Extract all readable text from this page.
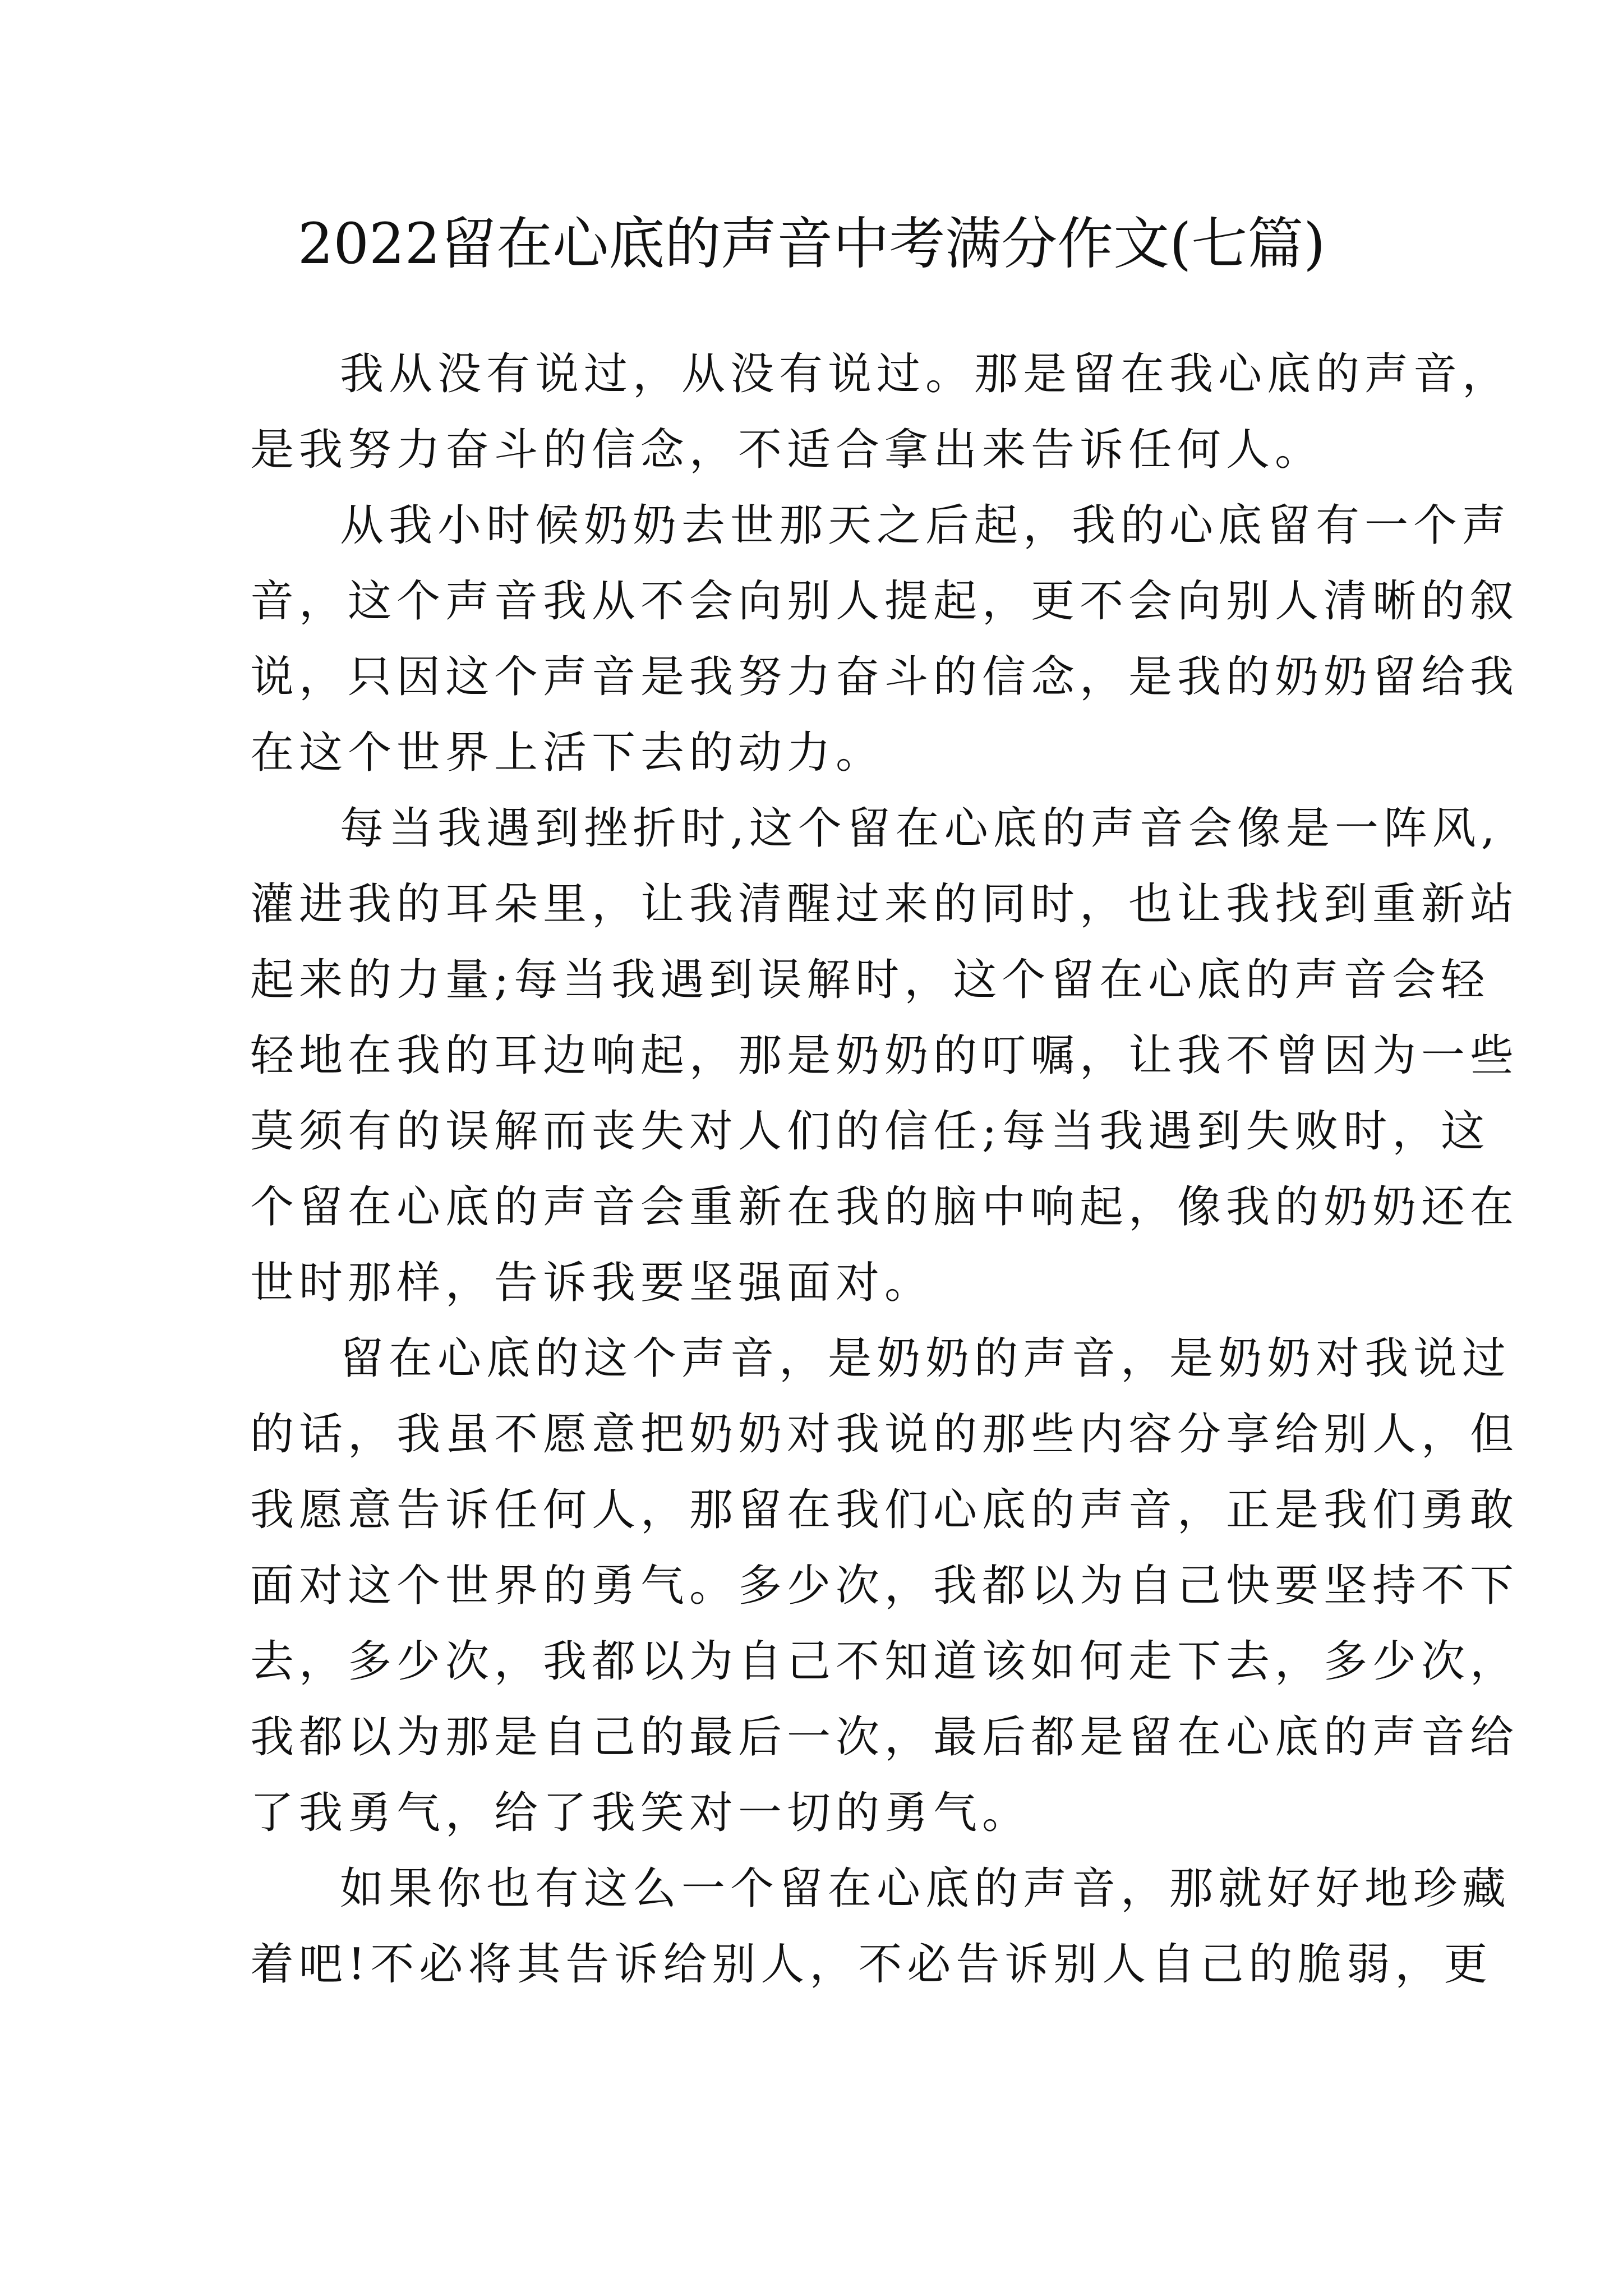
2022留在心底的声音中考满分作文(七篇)
我从没有说过，从没有说过。那是留在我心底的声音，
是我努力奋斗的信念，不适合拿出来告诉任何人。
从我小时候奶奶去世那天之后起，我的心底留有一个声
音，这个声音我从不会向别人提起，更不会向别人清晰的叙
说，只因这个声音是我努力奋斗的信念，是我的奶奶留给我
在这个世界上活下去的动力。
每当我遇到挫折时,这个留在心底的声音会像是一阵风,
灌进我的耳朵里，让我清醒过来的同时，也让我找到重新站
起来的力量;每当我遇到误解时，这个留在心底的声音会轻
轻地在我的耳边响起，那是奶奶的叮嘱，让我不曾因为一些
莫须有的误解而丧失对人们的信任;每当我遇到失败时，这
个留在心底的声音会重新在我的脑中响起，像我的奶奶还在
世时那样，告诉我要坚强面对。
留在心底的这个声音，是奶奶的声音，是奶奶对我说过
的话，我虽不愿意把奶奶对我说的那些内容分享给别人，但
我愿意告诉任何人，那留在我们心底的声音，正是我们勇敢
面对这个世界的勇气。多少次，我都以为自己快要坚持不下
去，多少次，我都以为自己不知道该如何走下去，多少次，
我都以为那是自己的最后一次，最后都是留在心底的声音给
了我勇气，给了我笑对一切的勇气。
如果你也有这么一个留在心底的声音，那就好好地珍藏
着吧!不必将其告诉给别人，不必告诉别人自己的脆弱，更
